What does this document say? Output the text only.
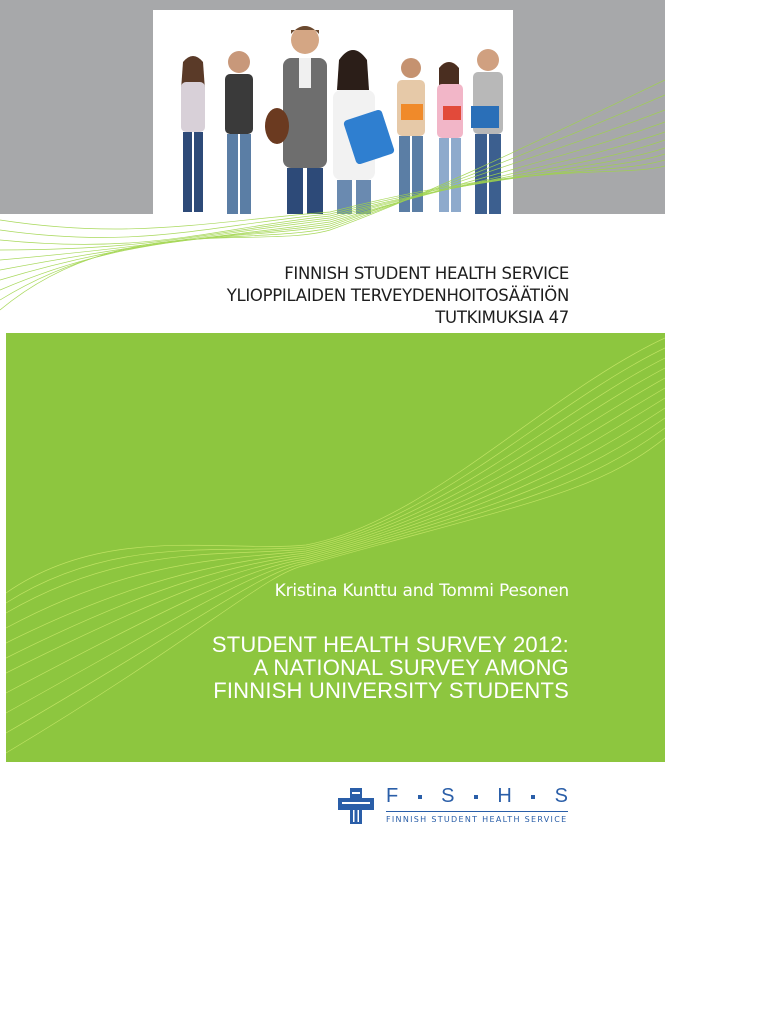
FINNISH STUDENT HEALTH SERVICE
YLIOPPILAIDEN TERVEYDENHOITOSÄÄTIÖN
TUTKIMUKSIA 47
Kristina Kunttu and Tommi Pesonen
STUDENT HEALTH SURVEY 2012:
A NATIONAL SURVEY AMONG
FINNISH UNIVERSITY STUDENTS
F S H S
FINNISH STUDENT HEALTH SERVICE
